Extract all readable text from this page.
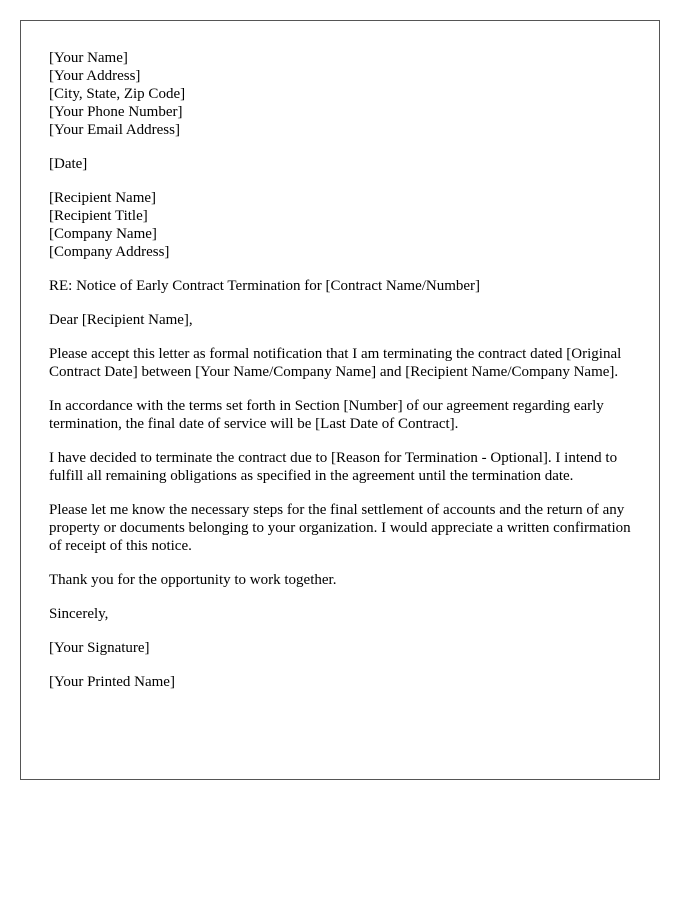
[Your Name]
[Your Address]
[City, State, Zip Code]
[Your Phone Number]
[Your Email Address]
[Date]
[Recipient Name]
[Recipient Title]
[Company Name]
[Company Address]

RE: Notice of Early Contract Termination for [Contract Name/Number]

Dear [Recipient Name],

Please accept this letter as formal notification that I am terminating the contract dated [Original Contract Date] between [Your Name/Company Name] and [Recipient Name/Company Name].

In accordance with the terms set forth in Section [Number] of our agreement regarding early termination, the final date of service will be [Last Date of Contract].

I have decided to terminate the contract due to [Reason for Termination - Optional]. I intend to fulfill all remaining obligations as specified in the agreement until the termination date.

Please let me know the necessary steps for the final settlement of accounts and the return of any property or documents belonging to your organization. I would appreciate a written confirmation of receipt of this notice.

Thank you for the opportunity to work together.

Sincerely,

[Your Signature]

[Your Printed Name]
